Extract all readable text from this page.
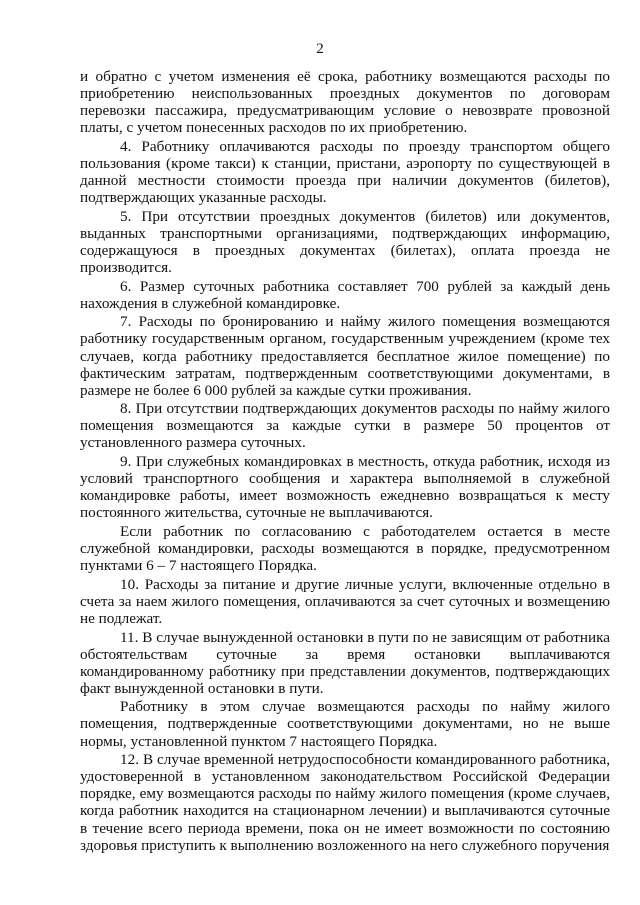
2

и обратно с учетом изменения её срока, работнику возмещаются расходы по приобретению неиспользованных проездных документов по договорам перевозки пассажира, предусматривающим условие о невозврате провозной платы, с учетом понесенных расходов по их приобретению.

4. Работнику оплачиваются расходы по проезду транспортом общего пользования (кроме такси) к станции, пристани, аэропорту по существующей в данной местности стоимости проезда при наличии документов (билетов), подтверждающих указанные расходы.

5. При отсутствии проездных документов (билетов) или документов, выданных транспортными организациями, подтверждающих информацию, содержащуюся в проездных документах (билетах), оплата проезда не производится.

6. Размер суточных работника составляет 700 рублей за каждый день нахождения в служебной командировке.

7. Расходы по бронированию и найму жилого помещения возмещаются работнику государственным органом, государственным учреждением (кроме тех случаев, когда работнику предоставляется бесплатное жилое помещение) по фактическим затратам, подтвержденным соответствующими документами, в размере не более 6 000 рублей за каждые сутки проживания.

8. При отсутствии подтверждающих документов расходы по найму жилого помещения возмещаются за каждые сутки в размере 50 процентов от установленного размера суточных.

9. При служебных командировках в местность, откуда работник, исходя из условий транспортного сообщения и характера выполняемой в служебной командировке работы, имеет возможность ежедневно возвращаться к месту постоянного жительства, суточные не выплачиваются.

Если работник по согласованию с работодателем остается в месте служебной командировки, расходы возмещаются в порядке, предусмотренном пунктами 6 – 7 настоящего Порядка.

10. Расходы за питание и другие личные услуги, включенные отдельно в счета за наем жилого помещения, оплачиваются за счет суточных и возмещению не подлежат.

11. В случае вынужденной остановки в пути по не зависящим от работника обстоятельствам суточные за время остановки выплачиваются командированному работнику при представлении документов, подтверждающих факт вынужденной остановки в пути.

Работнику в этом случае возмещаются расходы по найму жилого помещения, подтвержденные соответствующими документами, но не выше нормы, установленной пунктом 7 настоящего Порядка.

12. В случае временной нетрудоспособности командированного работника, удостоверенной в установленном законодательством Российской Федерации порядке, ему возмещаются расходы по найму жилого помещения (кроме случаев, когда работник находится на стационарном лечении) и выплачиваются суточные в течение всего периода времени, пока он не имеет возможности по состоянию здоровья приступить к выполнению возложенного на него служебного поручения
